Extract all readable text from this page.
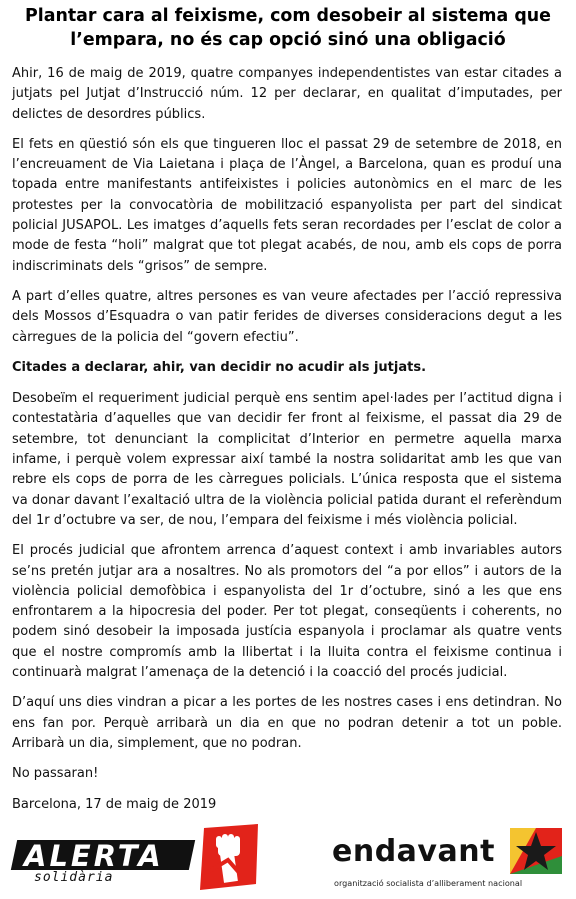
Plantar cara al feixisme, com desobeir al sistema que l’empara, no és cap opció sinó una obligació

Ahir, 16 de maig de 2019, quatre companyes independentistes van estar citades a jutjats pel Jutjat d’Instrucció núm. 12 per declarar, en qualitat d’imputades, per delictes de desordres públics.

El fets en qüestió són els que tingueren lloc el passat 29 de setembre de 2018, en l’encreuament de Via Laietana i plaça de l’Àngel, a Barcelona, quan es produí una topada entre manifestants antifeixistes i policies autonòmics en el marc de les protestes per la convocatòria de mobilització espanyolista per part del sindicat policial JUSAPOL. Les imatges d’aquells fets seran recordades per l’esclat de color a mode de festa “holi” malgrat que tot plegat acabés, de nou, amb els cops de porra indiscriminats dels “grisos” de sempre.

A part d’elles quatre, altres persones es van veure afectades per l’acció repressiva dels Mossos d’Esquadra o van patir ferides de diverses consideracions degut a les càrregues de la policia del “govern efectiu”.

Citades a declarar, ahir, van decidir no acudir als jutjats.

Desobeïm el requeriment judicial perquè ens sentim apel·lades per l’actitud digna i contestatària d’aquelles que van decidir fer front al feixisme, el passat dia 29 de setembre, tot denunciant la complicitat d’Interior en permetre aquella marxa infame, i perquè volem expressar així també la nostra solidaritat amb les que van rebre els cops de porra de les càrregues policials. L’única resposta que el sistema va donar davant l’exaltació ultra de la violència policial patida durant el referèndum del 1r d’octubre va ser, de nou, l’empara del feixisme i més violència policial.

El procés judicial que afrontem arrenca d’aquest context i amb invariables autors se’ns pretén jutjar ara a nosaltres. No als promotors del “a por ellos” i autors de la violència policial demofòbica i espanyolista del 1r d’octubre, sinó a les que ens enfrontarem a la hipocresia del poder. Per tot plegat, conseqüents i coherents, no podem sinó desobeir la imposada justícia espanyola i proclamar als quatre vents que el nostre compromís amb la llibertat i la lluita contra el feixisme continua i continuarà malgrat l’amenaça de la detenció i la coacció del procés judicial.

D’aquí uns dies vindran a picar a les portes de les nostres cases i ens detindran. No ens fan por. Perquè arribarà un dia en que no podran detenir a tot un poble. Arribarà un dia, simplement, que no podran.

No passaran!

Barcelona, 17 de maig de 2019

ALERTA
solidària
endavant
organització socialista d’alliberament nacional
